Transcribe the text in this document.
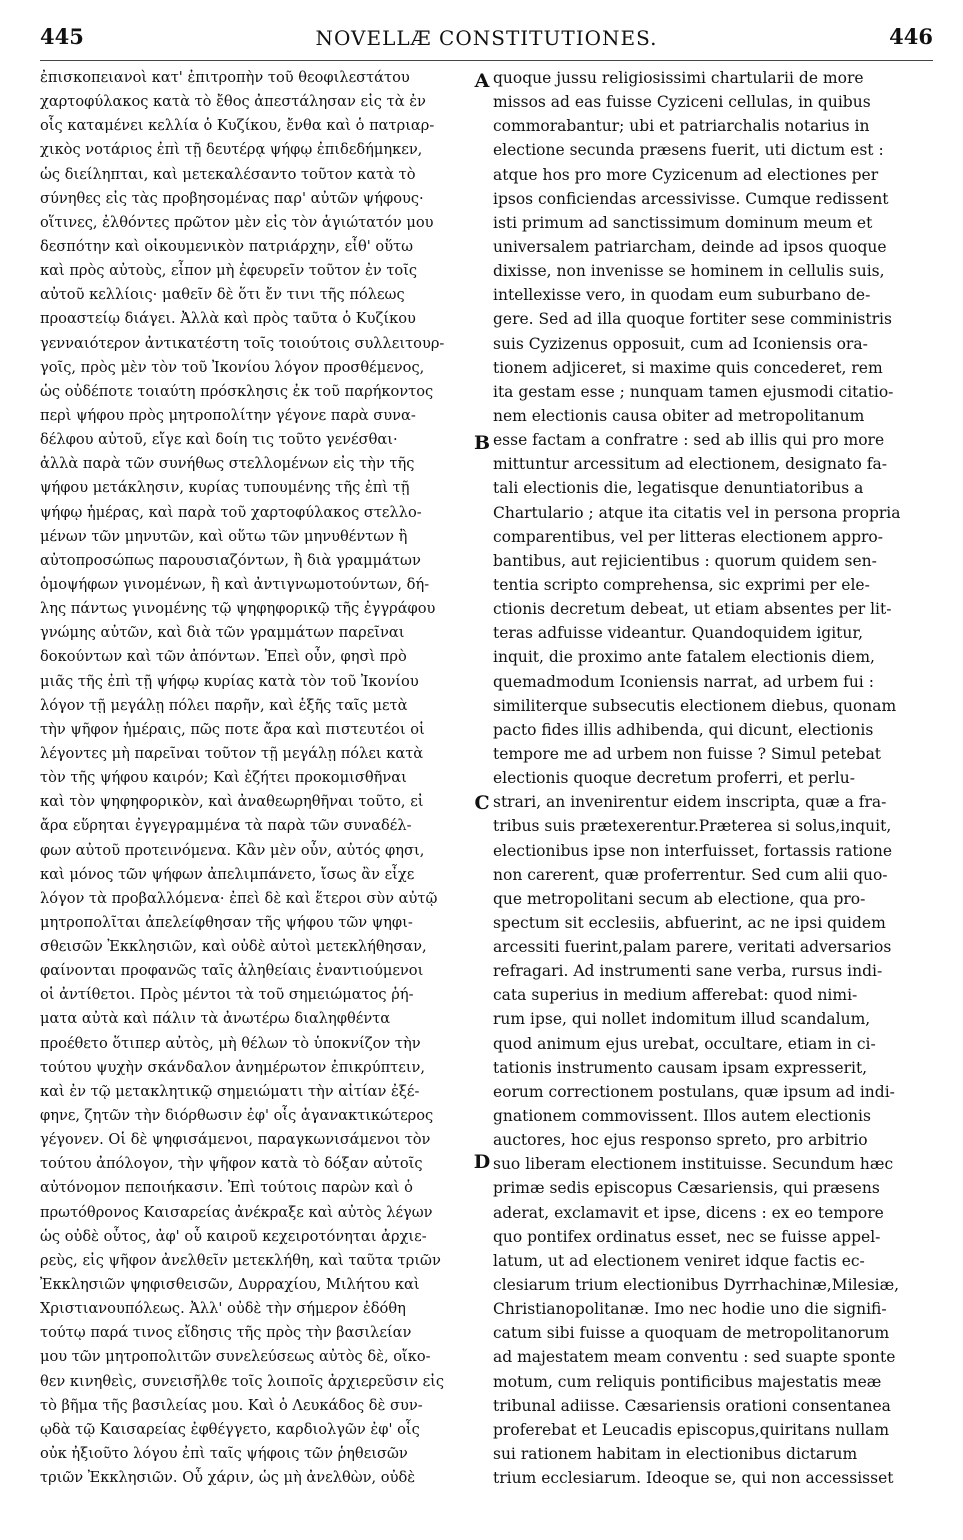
445	NOVELLÆ CONSTITUTIONES.	446
ἐπισκοπειανοὶ κατ' ἐπιτροπὴν τοῦ θεοφιλεστάτου
χαρτοφύλακος κατὰ τὸ ἔθος ἀπεστάλησαν εἰς τὰ ἐν
οἷς καταμένει κελλία ὁ Κυζίκου, ἔνθα καὶ ὁ πατριαρ-
χικὸς νοτάριος ἐπὶ τῇ δευτέρᾳ ψήφῳ ἐπιδεδήμηκεν,
ὡς διείληπται, καὶ μετεκαλέσαντο τοῦτον κατὰ τὸ
σύνηθες εἰς τὰς προβησομένας παρ' αὐτῶν ψήφους·
οἵτινες, ἐλθόντες πρῶτον μὲν εἰς τὸν ἁγιώτατόν μου
δεσπότην καὶ οἰκουμενικὸν πατριάρχην, εἶθ' οὕτω
καὶ πρὸς αὐτοὺς, εἶπον μὴ ἐφευρεῖν τοῦτον ἐν τοῖς
αὐτοῦ κελλίοις· μαθεῖν δὲ ὅτι ἔν τινι τῆς πόλεως
προαστείῳ διάγει. Ἀλλὰ καὶ πρὸς ταῦτα ὁ Κυζίκου
γενναιότερον ἀντικατέστη τοῖς τοιούτοις συλλειτουρ-
γοῖς, πρὸς μὲν τὸν τοῦ Ἰκονίου λόγον προσθέμενος,
ὡς οὐδέποτε τοιαύτη πρόσκλησις ἐκ τοῦ παρήκοντος
περὶ ψήφου πρὸς μητροπολίτην γέγονε παρὰ συνα-
δέλφου αὐτοῦ, εἴγε καὶ δοίη τις τοῦτο γενέσθαι·
ἀλλὰ παρὰ τῶν συνήθως στελλομένων εἰς τὴν τῆς
ψήφου μετάκλησιν, κυρίας τυπουμένης τῆς ἐπὶ τῇ
ψήφῳ ἡμέρας, καὶ παρὰ τοῦ χαρτοφύλακος στελλο-
μένων τῶν μηνυτῶν, καὶ οὕτω τῶν μηνυθέντων ἢ
αὐτοπροσώπως παρουσιαζόντων, ἢ διὰ γραμμάτων
ὁμοψήφων γινομένων, ἢ καὶ ἀντιγνωμοτούντων, δή-
λης πάντως γινομένης τῷ ψηφηφορικῷ τῆς ἐγγράφου
γνώμης αὐτῶν, καὶ διὰ τῶν γραμμάτων παρεῖναι
δοκούντων καὶ τῶν ἀπόντων. Ἐπεὶ οὖν, φησὶ πρὸ
μιᾶς τῆς ἐπὶ τῇ ψήφῳ κυρίας κατὰ τὸν τοῦ Ἰκονίου
λόγον τῇ μεγάλῃ πόλει παρῆν, καὶ ἑξῆς ταῖς μετὰ
τὴν ψῆφον ἡμέραις, πῶς ποτε ἄρα καὶ πιστευτέοι οἱ
λέγοντες μὴ παρεῖναι τοῦτον τῇ μεγάλῃ πόλει κατὰ
τὸν τῆς ψήφου καιρόν; Καὶ ἐζήτει προκομισθῆναι
καὶ τὸν ψηφηφορικὸν, καὶ ἀναθεωρηθῆναι τοῦτο, εἰ
ἄρα εὕρηται ἐγγεγραμμένα τὰ παρὰ τῶν συναδέλ-
φων αὐτοῦ προτεινόμενα. Κἂν μὲν οὖν, αὐτός φησι,
καὶ μόνος τῶν ψήφων ἀπελιμπάνετο, ἴσως ἂν εἶχε
λόγον τὰ προβαλλόμενα· ἐπεὶ δὲ καὶ ἕτεροι σὺν αὐτῷ
μητροπολῖται ἀπελείφθησαν τῆς ψήφου τῶν ψηφι-
σθεισῶν Ἐκκλησιῶν, καὶ οὐδὲ αὐτοὶ μετεκλήθησαν,
φαίνονται προφανῶς ταῖς ἀληθείαις ἐναντιούμενοι
οἱ ἀντίθετοι. Πρὸς μέντοι τὰ τοῦ σημειώματος ῥή-
ματα αὐτὰ καὶ πάλιν τὰ ἀνωτέρω διαληφθέντα
προέθετο ὅτιπερ αὐτὸς, μὴ θέλων τὸ ὑποκνίζον τὴν
τούτου ψυχὴν σκάνδαλον ἀνημέρωτον ἐπικρύπτειν,
καὶ ἐν τῷ μετακλητικῷ σημειώματι τὴν αἰτίαν ἐξέ-
φηνε, ζητῶν τὴν διόρθωσιν ἐφ' οἷς ἀγανακτικώτερος
γέγονεν. Οἱ δὲ ψηφισάμενοι, παραγκωνισάμενοι τὸν
τούτου ἀπόλογον, τὴν ψῆφον κατὰ τὸ δόξαν αὐτοῖς
αὐτόνομον πεποιήκασιν. Ἐπὶ τούτοις παρὼν καὶ ὁ
πρωτόθρονος Καισαρείας ἀνέκραξε καὶ αὐτὸς λέγων
ὡς οὐδὲ οὗτος, ἀφ' οὗ καιροῦ κεχειροτόνηται ἀρχιε-
ρεὺς, εἰς ψῆφον ἀνελθεῖν μετεκλήθη, καὶ ταῦτα τριῶν
Ἐκκλησιῶν ψηφισθεισῶν, Δυρραχίου, Μιλήτου καὶ
Χριστιανουπόλεως. Ἀλλ' οὐδὲ τὴν σήμερον ἐδόθη
τούτῳ παρά τινος εἴδησις τῆς πρὸς τὴν βασιλείαν
μου τῶν μητροπολιτῶν συνελεύσεως αὐτὸς δὲ, οἴκο-
θεν κινηθεὶς, συνεισῆλθε τοῖς λοιποῖς ἀρχιερεῦσιν εἰς
τὸ βῆμα τῆς βασιλείας μου. Καὶ ὁ Λευκάδος δὲ συν-
ῳδὰ τῷ Καισαρείας ἐφθέγγετο, καρδιολγῶν ἐφ' οἷς
οὐκ ἠξιοῦτο λόγου ἐπὶ ταῖς ψήφοις τῶν ῥηθεισῶν
τριῶν Ἐκκλησιῶν. Οὗ χάριν, ὡς μὴ ἀνελθὼν, οὐδὲ
quoque jussu religiosissimi chartularii de more
missos ad eas fuisse Cyziceni cellulas, in quibus
commorabantur; ubi et patriarchalis notarius in
electione secunda præsens fuerit, uti dictum est :
atque hos pro more Cyzicenum ad electiones per
ipsos conficiendas arcessivisse. Cumque redissent
isti primum ad sanctissimum dominum meum et
universalem patriarcham, deinde ad ipsos quoque
dixisse, non invenisse se hominem in cellulis suis,
intellexisse vero, in quodam eum suburbano de-
gere. Sed ad illa quoque fortiter sese comministris
suis Cyzizenus opposuit, cum ad Iconiensis ora-
tionem adjiceret, si maxime quis concederet, rem
ita gestam esse ; nunquam tamen ejusmodi citatio-
nem electionis causa obiter ad metropolitanum
esse factam a confratre : sed ab illis qui pro more
mittuntur arcessitum ad electionem, designato fa-
tali electionis die, legatisque denuntiatoribus a
Chartulario ; atque ita citatis vel in persona propria
comparentibus, vel per litteras electionem appro-
bantibus, aut rejicientibus : quorum quidem sen-
tentia scripto comprehensa, sic exprimi per ele-
ctionis decretum debeat, ut etiam absentes per lit-
teras adfuisse videantur. Quandoquidem igitur,
inquit, die proximo ante fatalem electionis diem,
quemadmodum Iconiensis narrat, ad urbem fui :
similiterque subsecutis electionem diebus, quonam
pacto fides illis adhibenda, qui dicunt, electionis
tempore me ad urbem non fuisse ? Simul petebat
electionis quoque decretum proferri, et perlu-
strari, an invenirentur eidem inscripta, quæ a fra-
tribus suis prætexerentur.Præterea si solus,inquit,
electionibus ipse non interfuisset, fortassis ratione
non carerent, quæ proferrentur. Sed cum alii quo-
que metropolitani secum ab electione, qua pro-
spectum sit ecclesiis, abfuerint, ac ne ipsi quidem
arcessiti fuerint,palam parere, veritati adversarios
refragari. Ad instrumenti sane verba, rursus indi-
cata superius in medium afferebat: quod nimi-
rum ipse, qui nollet indomitum illud scandalum,
quod animum ejus urebat, occultare, etiam in ci-
tationis instrumento causam ipsam expresserit,
eorum correctionem postulans, quæ ipsum ad indi-
gnationem commovissent. Illos autem electionis
auctores, hoc ejus responso spreto, pro arbitrio
suo liberam electionem instituisse. Secundum hæc
primæ sedis episcopus Cæsariensis, qui præsens
aderat, exclamavit et ipse, dicens : ex eo tempore
quo pontifex ordinatus esset, nec se fuisse appel-
latum, ut ad electionem veniret idque factis ec-
clesiarum trium electionibus Dyrrhachinæ,Milesiæ,
Christianopolitanæ. Imo nec hodie uno die signifi-
catum sibi fuisse a quoquam de metropolitanorum
ad majestatem meam conventu : sed suapte sponte
motum, cum reliquis pontificibus majestatis meæ
tribunal adiisse. Cæsariensis orationi consentanea
proferebat et Leucadis episcopus,quiritans nullam
sui rationem habitam in electionibus dictarum
trium ecclesiarum. Ideoque se, qui non accessisset
A
B
C
D
